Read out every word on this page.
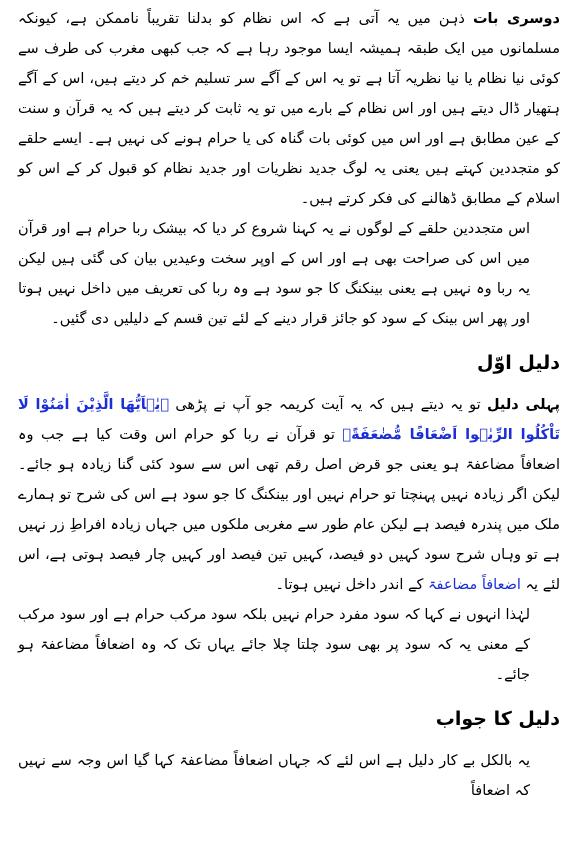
دوسری بات ذہن میں یہ آتی ہے کہ اس نظام کو بدلنا تقریباً ناممکن ہے، کیونکہ مسلمانوں میں ایک طبقہ ہمیشہ ایسا موجود رہا ہے کہ جب کبھی مغرب کی طرف سے کوئی نیا نظام یا نیا نظریہ آتا ہے تو یہ اس کے آگے سر تسلیم خم کر دیتے ہیں، اس کے آگے ہتھیار ڈال دیتے ہیں اور اس نظام کے بارے میں تو یہ ثابت کر دیتے ہیں کہ یہ قرآن و سنت کے عین مطابق ہے اور اس میں کوئی بات گناہ کی یا حرام ہونے کی نہیں ہے۔ ایسے حلقے کو متجددین کہتے ہیں یعنی یہ لوگ جدید نظریات اور جدید نظام کو قبول کر کے اس کو اسلام کے مطابق ڈھالنے کی فکر کرتے ہیں۔

اس متجددین حلقے کے لوگوں نے یہ کہنا شروع کر دیا کہ بیشک ربا حرام ہے اور قرآن میں اس کی صراحت بھی ہے اور اس کے اوپر سخت وعیدیں بیان کی گئی ہیں لیکن یہ ربا وہ نہیں ہے یعنی بینکنگ کا جو سود ہے وہ ربا کی تعریف میں داخل نہیں ہوتا اور پھر اس بینک کے سود کو جائز قرار دینے کے لئے تین قسم کے دلیلیں دی گئیں۔

دلیل اوّل

پہلی دلیل تو یہ دیتے ہیں کہ یہ آیت کریمہ جو آپ نے پڑھی ﴿يٰۤاَيُّهَا الَّذِيْنَ اٰمَنُوْا لَا تَاْكُلُوا الرِّبٰۤوا اَضْعَافًا مُّضٰعَفَةً﴾ تو قرآن نے ربا کو حرام اس وقت کیا ہے جب وہ اضعافاً مضاعفۃ ہو یعنی جو قرض اصل رقم تھی اس سے سود کئی گنا زیادہ ہو جائے۔ لیکن اگر زیادہ نہیں پہنچتا تو حرام نہیں اور بینکنگ کا جو سود ہے اس کی شرح تو ہمارے ملک میں پندرہ فیصد ہے لیکن عام طور سے مغربی ملکوں میں جہاں زیادہ افراطِ زر نہیں ہے تو وہاں شرح سود کہیں دو فیصد، کہیں تین فیصد اور کہیں چار فیصد ہوتی ہے، اس لئے یہ اضعافاً مضاعفۃ کے اندر داخل نہیں ہوتا۔

لہٰذا انہوں نے کہا کہ سود مفرد حرام نہیں بلکہ سود مرکب حرام ہے اور سود مرکب کے معنی یہ کہ سود پر بھی سود چلتا چلا جائے یہاں تک کہ وہ اضعافاً مضاعفۃ ہو جائے۔

دلیل کا جواب

یہ بالکل بے کار دلیل ہے اس لئے کہ جہاں اضعافاً مضاعفۃ کہا گیا اس وجہ سے نہیں کہ اضعافاً
